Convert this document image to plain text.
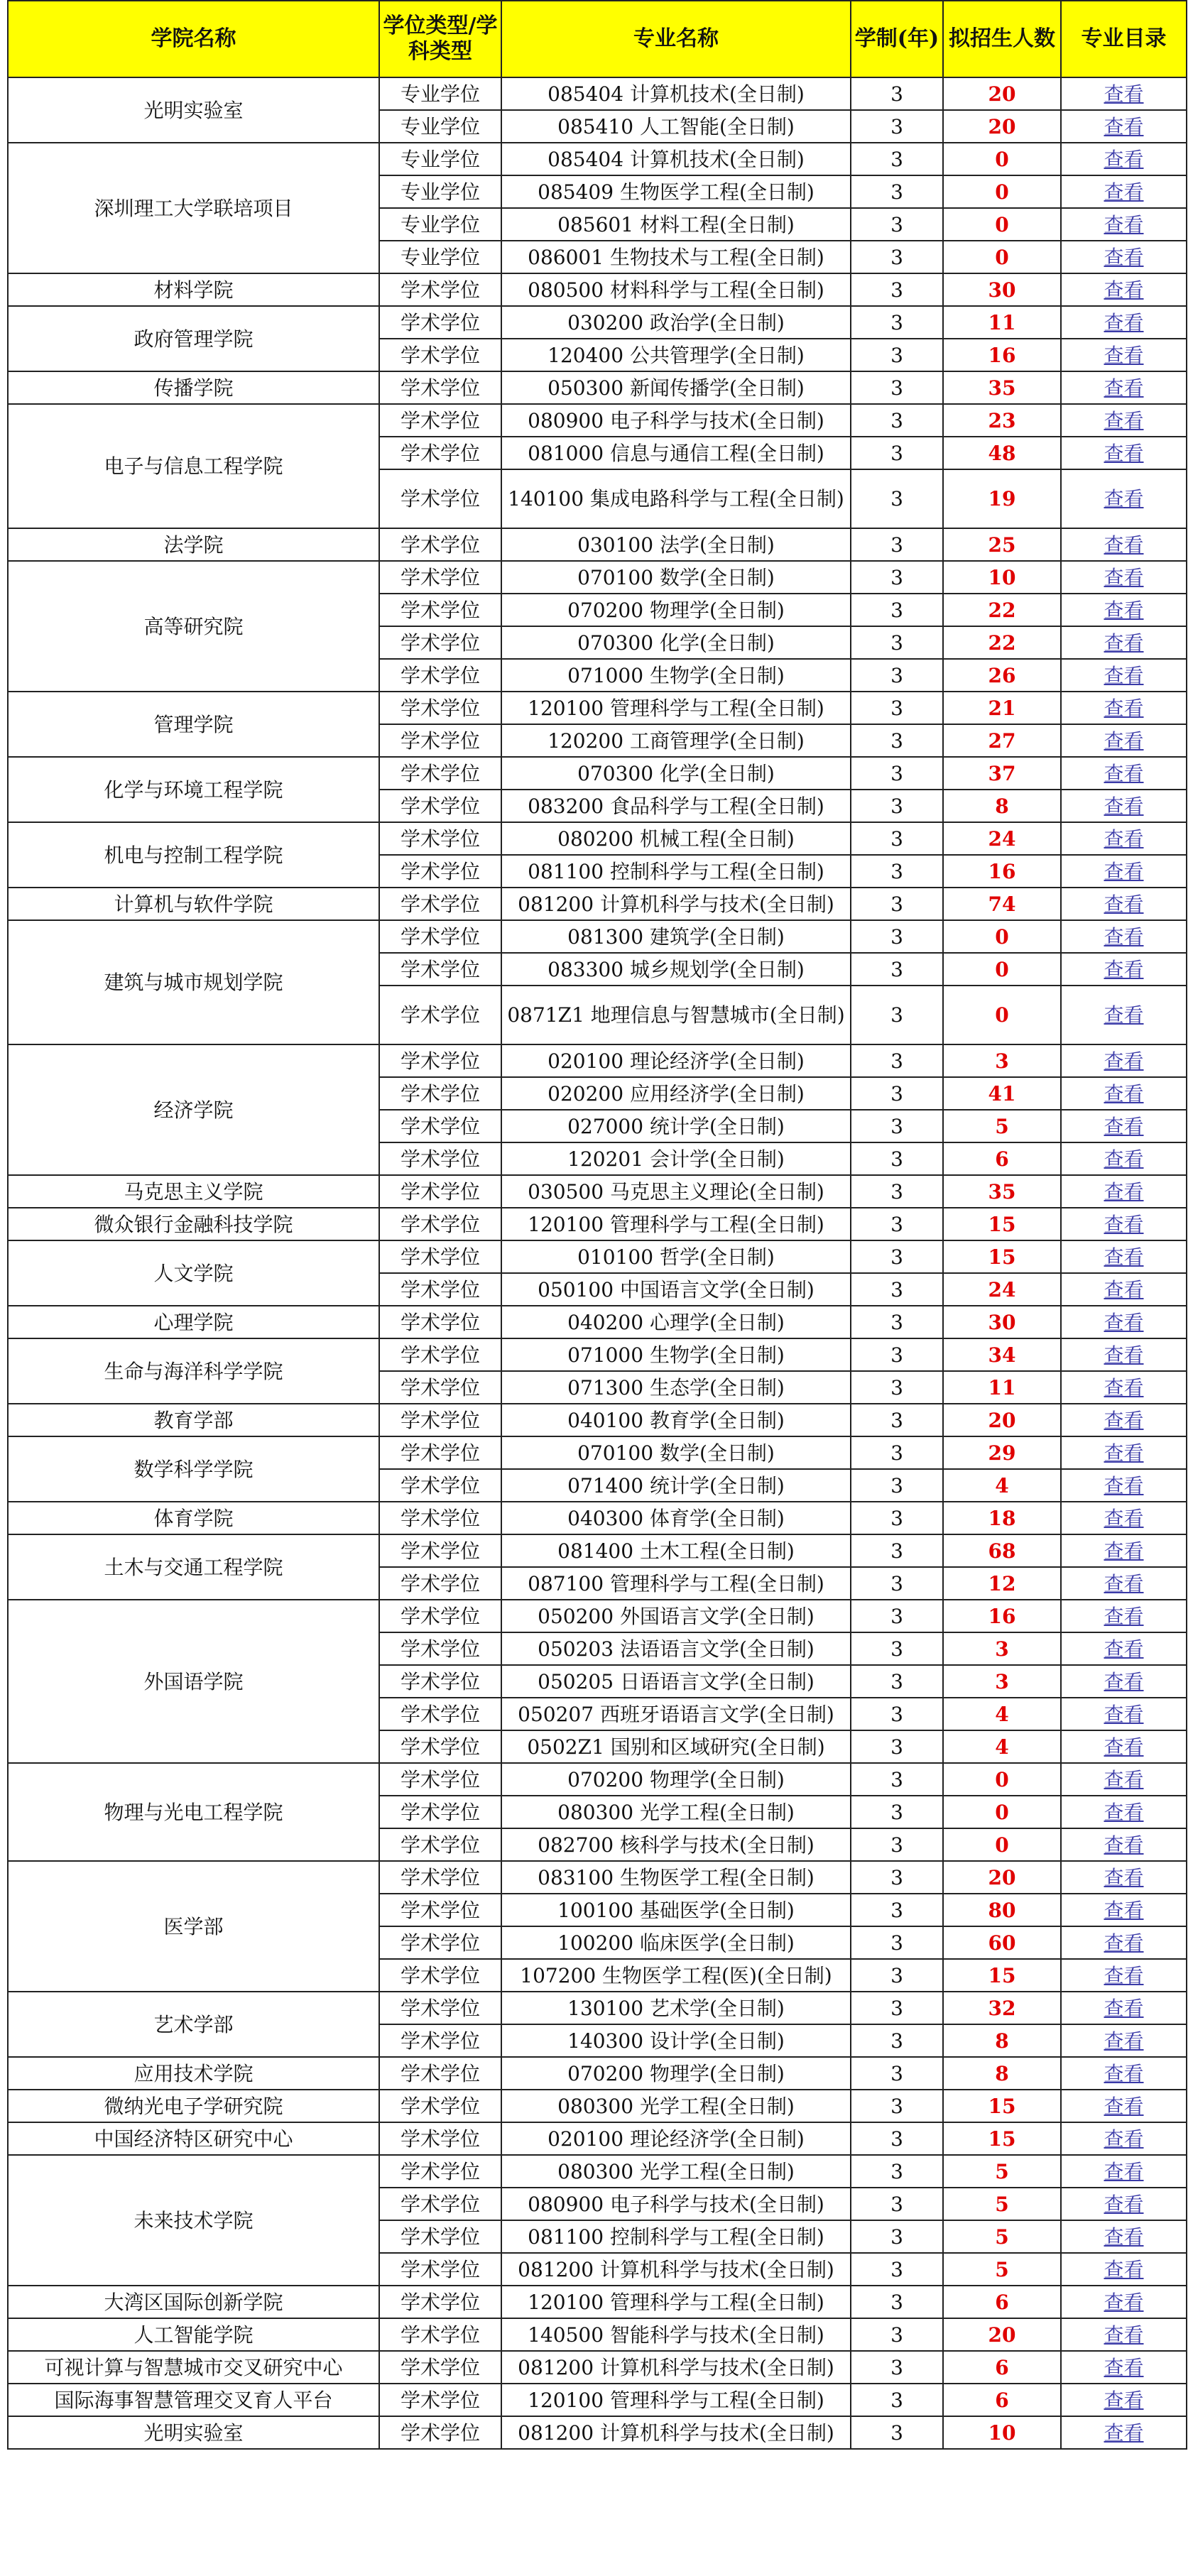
学院名称	学位类型/学科类型	专业名称	学制(年)	拟招生人数	专业目录
光明实验室	专业学位	085404 计算机技术(全日制)	3	20	查看
	专业学位	085410 人工智能(全日制)	3	20	查看
深圳理工大学联培项目	专业学位	085404 计算机技术(全日制)	3	0	查看
	专业学位	085409 生物医学工程(全日制)	3	0	查看
	专业学位	085601 材料工程(全日制)	3	0	查看
	专业学位	086001 生物技术与工程(全日制)	3	0	查看
材料学院	学术学位	080500 材料科学与工程(全日制)	3	30	查看
政府管理学院	学术学位	030200 政治学(全日制)	3	11	查看
	学术学位	120400 公共管理学(全日制)	3	16	查看
传播学院	学术学位	050300 新闻传播学(全日制)	3	35	查看
电子与信息工程学院	学术学位	080900 电子科学与技术(全日制)	3	23	查看
	学术学位	081000 信息与通信工程(全日制)	3	48	查看
	学术学位	140100 集成电路科学与工程(全日制)	3	19	查看
法学院	学术学位	030100 法学(全日制)	3	25	查看
高等研究院	学术学位	070100 数学(全日制)	3	10	查看
	学术学位	070200 物理学(全日制)	3	22	查看
	学术学位	070300 化学(全日制)	3	22	查看
	学术学位	071000 生物学(全日制)	3	26	查看
管理学院	学术学位	120100 管理科学与工程(全日制)	3	21	查看
	学术学位	120200 工商管理学(全日制)	3	27	查看
化学与环境工程学院	学术学位	070300 化学(全日制)	3	37	查看
	学术学位	083200 食品科学与工程(全日制)	3	8	查看
机电与控制工程学院	学术学位	080200 机械工程(全日制)	3	24	查看
	学术学位	081100 控制科学与工程(全日制)	3	16	查看
计算机与软件学院	学术学位	081200 计算机科学与技术(全日制)	3	74	查看
建筑与城市规划学院	学术学位	081300 建筑学(全日制)	3	0	查看
	学术学位	083300 城乡规划学(全日制)	3	0	查看
	学术学位	0871Z1 地理信息与智慧城市(全日制)	3	0	查看
经济学院	学术学位	020100 理论经济学(全日制)	3	3	查看
	学术学位	020200 应用经济学(全日制)	3	41	查看
	学术学位	027000 统计学(全日制)	3	5	查看
	学术学位	120201 会计学(全日制)	3	6	查看
马克思主义学院	学术学位	030500 马克思主义理论(全日制)	3	35	查看
微众银行金融科技学院	学术学位	120100 管理科学与工程(全日制)	3	15	查看
人文学院	学术学位	010100 哲学(全日制)	3	15	查看
	学术学位	050100 中国语言文学(全日制)	3	24	查看
心理学院	学术学位	040200 心理学(全日制)	3	30	查看
生命与海洋科学学院	学术学位	071000 生物学(全日制)	3	34	查看
	学术学位	071300 生态学(全日制)	3	11	查看
教育学部	学术学位	040100 教育学(全日制)	3	20	查看
数学科学学院	学术学位	070100 数学(全日制)	3	29	查看
	学术学位	071400 统计学(全日制)	3	4	查看
体育学院	学术学位	040300 体育学(全日制)	3	18	查看
土木与交通工程学院	学术学位	081400 土木工程(全日制)	3	68	查看
	学术学位	087100 管理科学与工程(全日制)	3	12	查看
外国语学院	学术学位	050200 外国语言文学(全日制)	3	16	查看
	学术学位	050203 法语语言文学(全日制)	3	3	查看
	学术学位	050205 日语语言文学(全日制)	3	3	查看
	学术学位	050207 西班牙语语言文学(全日制)	3	4	查看
	学术学位	0502Z1 国别和区域研究(全日制)	3	4	查看
物理与光电工程学院	学术学位	070200 物理学(全日制)	3	0	查看
	学术学位	080300 光学工程(全日制)	3	0	查看
	学术学位	082700 核科学与技术(全日制)	3	0	查看
医学部	学术学位	083100 生物医学工程(全日制)	3	20	查看
	学术学位	100100 基础医学(全日制)	3	80	查看
	学术学位	100200 临床医学(全日制)	3	60	查看
	学术学位	107200 生物医学工程(医)(全日制)	3	15	查看
艺术学部	学术学位	130100 艺术学(全日制)	3	32	查看
	学术学位	140300 设计学(全日制)	3	8	查看
应用技术学院	学术学位	070200 物理学(全日制)	3	8	查看
微纳光电子学研究院	学术学位	080300 光学工程(全日制)	3	15	查看
中国经济特区研究中心	学术学位	020100 理论经济学(全日制)	3	15	查看
未来技术学院	学术学位	080300 光学工程(全日制)	3	5	查看
	学术学位	080900 电子科学与技术(全日制)	3	5	查看
	学术学位	081100 控制科学与工程(全日制)	3	5	查看
	学术学位	081200 计算机科学与技术(全日制)	3	5	查看
大湾区国际创新学院	学术学位	120100 管理科学与工程(全日制)	3	6	查看
人工智能学院	学术学位	140500 智能科学与技术(全日制)	3	20	查看
可视计算与智慧城市交叉研究中心	学术学位	081200 计算机科学与技术(全日制)	3	6	查看
国际海事智慧管理交叉育人平台	学术学位	120100 管理科学与工程(全日制)	3	6	查看
光明实验室	学术学位	081200 计算机科学与技术(全日制)	3	10	查看
